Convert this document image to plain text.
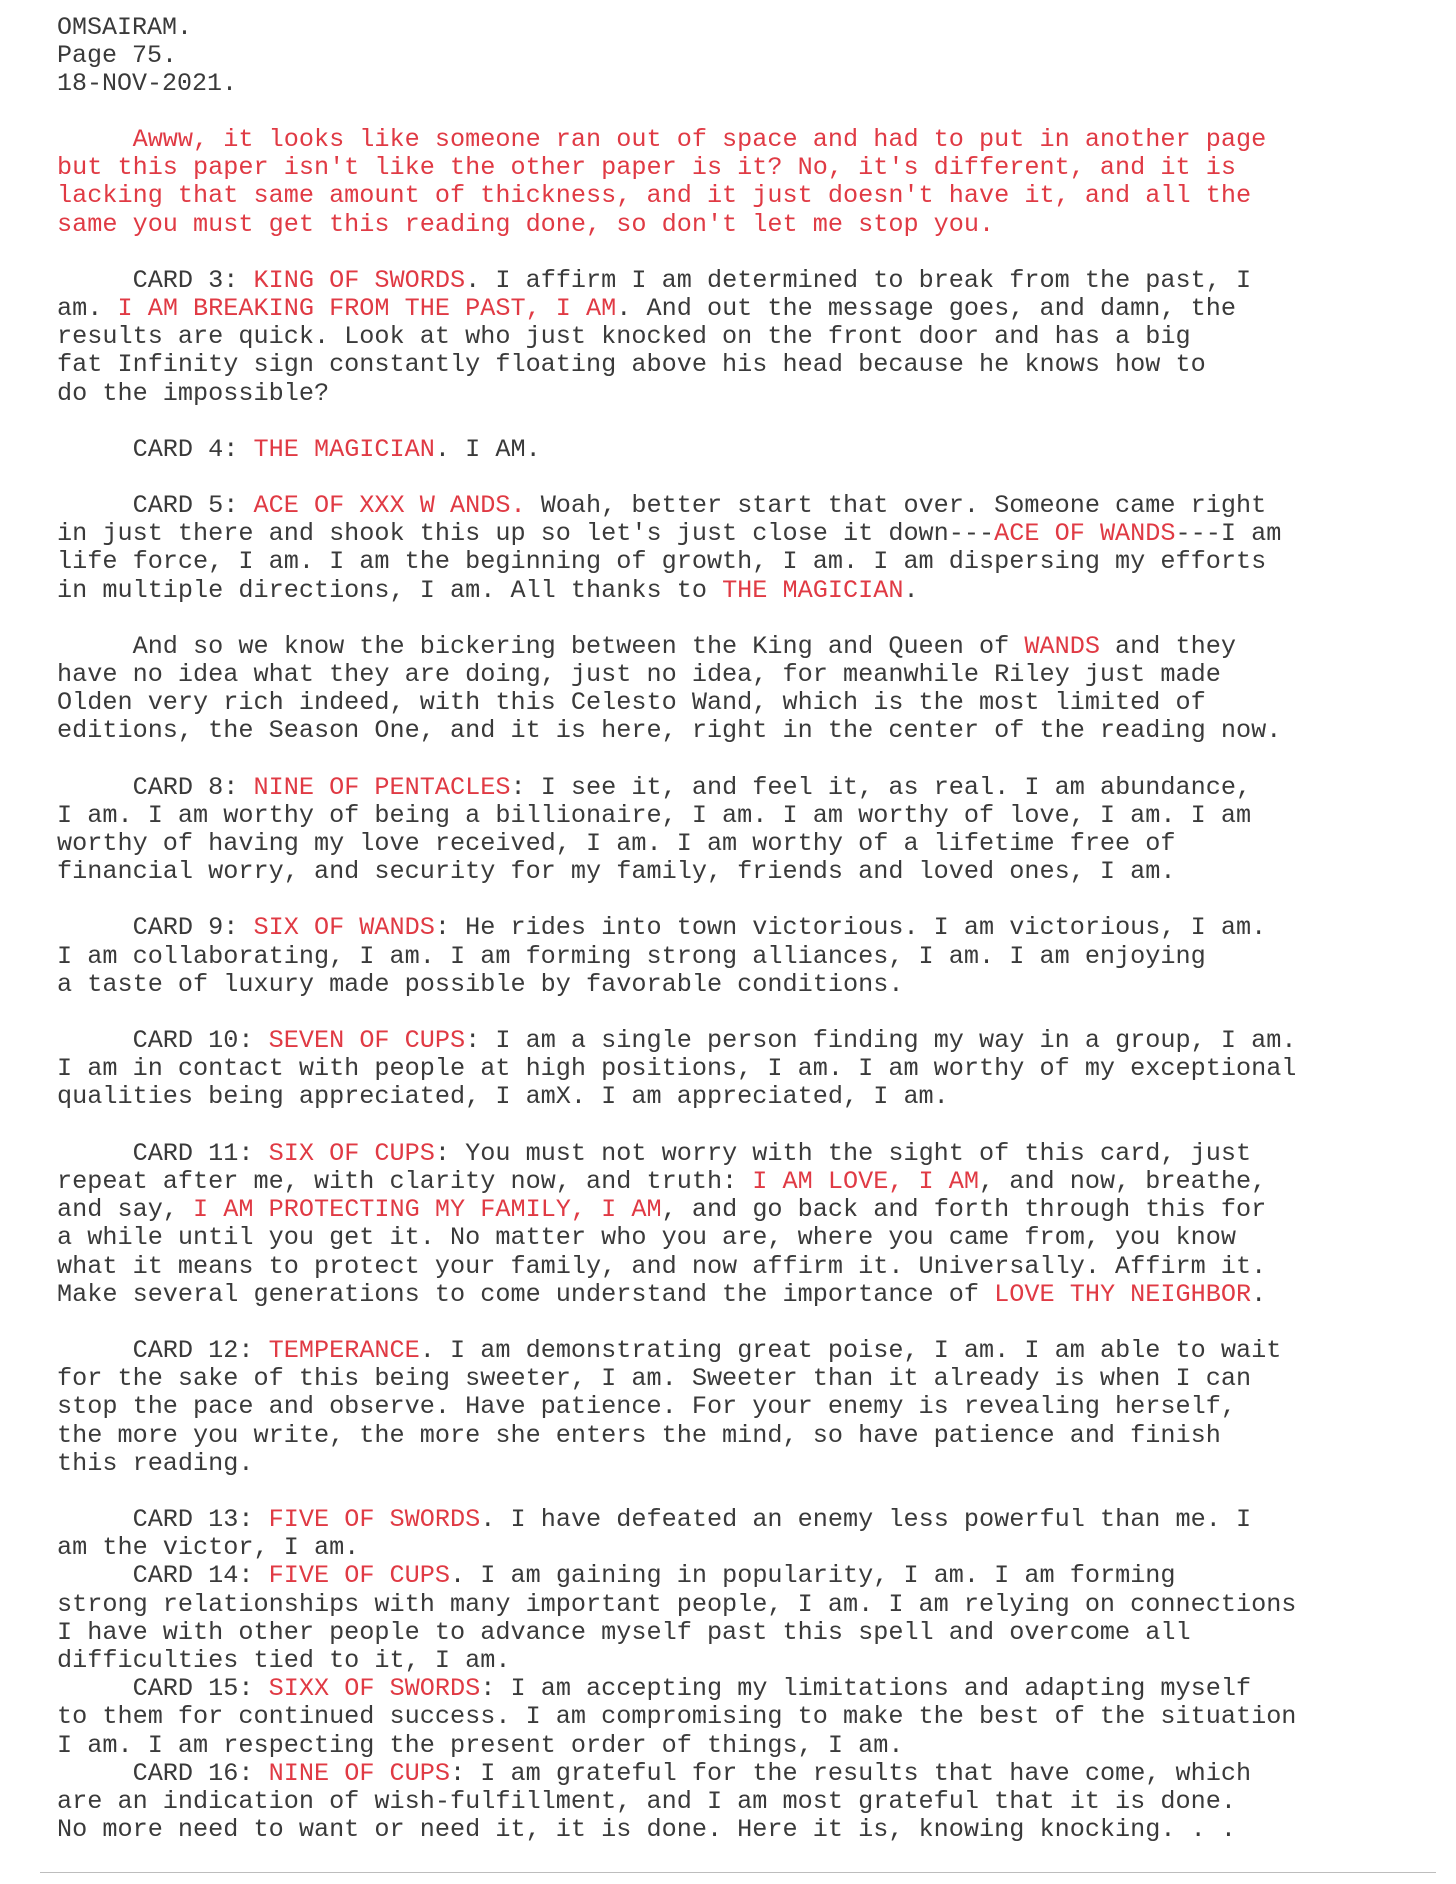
OMSAIRAM.
Page 75.
18-NOV-2021.
Awww, it looks like someone ran out of space and had to put in another page
but this paper isn't like the other paper is it? No, it's different, and it is
lacking that same amount of thickness, and it just doesn't have it, and all the
same you must get this reading done, so don't let me stop you.
CARD 3: KING OF SWORDS. I affirm I am determined to break from the past, I
am. I AM BREAKING FROM THE PAST, I AM. And out the message goes, and damn, the
results are quick. Look at who just knocked on the front door and has a big
fat Infinity sign constantly floating above his head because he knows how to
do the impossible?
CARD 4: THE MAGICIAN. I AM.
CARD 5: ACE OF XXX W ANDS. Woah, better start that over. Someone came right
in just there and shook this up so let's just close it down---ACE OF WANDS---I am
life force, I am. I am the beginning of growth, I am. I am dispersing my efforts
in multiple directions, I am. All thanks to THE MAGICIAN.
And so we know the bickering between the King and Queen of WANDS and they
have no idea what they are doing, just no idea, for meanwhile Riley just made
Olden very rich indeed, with this Celesto Wand, which is the most limited of
editions, the Season One, and it is here, right in the center of the reading now.
CARD 8: NINE OF PENTACLES: I see it, and feel it, as real. I am abundance,
I am. I am worthy of being a billionaire, I am. I am worthy of love, I am. I am
worthy of having my love received, I am. I am worthy of a lifetime free of
financial worry, and security for my family, friends and loved ones, I am.
CARD 9: SIX OF WANDS: He rides into town victorious. I am victorious, I am.
I am collaborating, I am. I am forming strong alliances, I am. I am enjoying
a taste of luxury made possible by favorable conditions.
CARD 10: SEVEN OF CUPS: I am a single person finding my way in a group, I am.
I am in contact with people at high positions, I am. I am worthy of my exceptional
qualities being appreciated, I amX. I am appreciated, I am.
CARD 11: SIX OF CUPS: You must not worry with the sight of this card, just
repeat after me, with clarity now, and truth: I AM LOVE, I AM, and now, breathe,
and say, I AM PROTECTING MY FAMILY, I AM, and go back and forth through this for
a while until you get it. No matter who you are, where you came from, you know
what it means to protect your family, and now affirm it. Universally. Affirm it.
Make several generations to come understand the importance of LOVE THY NEIGHBOR.
CARD 12: TEMPERANCE. I am demonstrating great poise, I am. I am able to wait
for the sake of this being sweeter, I am. Sweeter than it already is when I can
stop the pace and observe. Have patience. For your enemy is revealing herself,
the more you write, the more she enters the mind, so have patience and finish
this reading.
CARD 13: FIVE OF SWORDS. I have defeated an enemy less powerful than me. I
am the victor, I am.
CARD 14: FIVE OF CUPS. I am gaining in popularity, I am. I am forming
strong relationships with many important people, I am. I am relying on connections
I have with other people to advance myself past this spell and overcome all
difficulties tied to it, I am.
CARD 15: SIXX OF SWORDS: I am accepting my limitations and adapting myself
to them for continued success. I am compromising to make the best of the situation
I am. I am respecting the present order of things, I am.
CARD 16: NINE OF CUPS: I am grateful for the results that have come, which
are an indication of wish-fulfillment, and I am most grateful that it is done.
No more need to want or need it, it is done. Here it is, knowing knocking. . .
